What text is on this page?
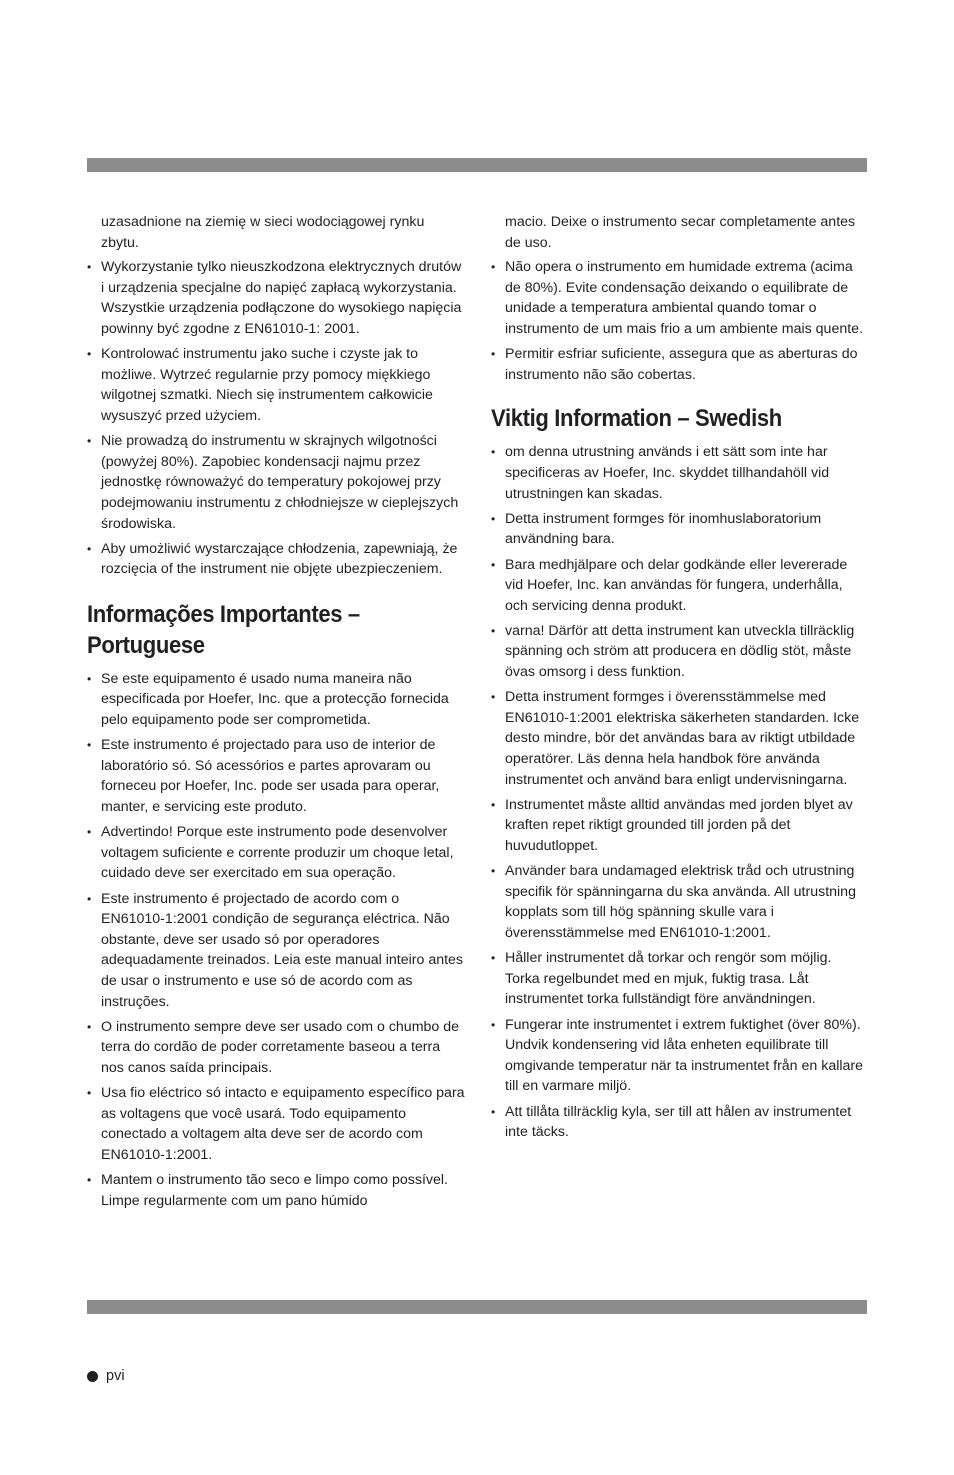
uzasadnione na ziemię w sieci wodociągowej rynku zbytu.

• Wykorzystanie tylko nieuszkodzona elektrycznych drutów i urządzenia specjalne do napięć zapłacą wykorzystania. Wszystkie urządzenia podłączone do wysokiego napięcia powinny być zgodne z EN61010-1: 2001.
• Kontrolować instrumentu jako suche i czyste jak to możliwe. Wytrzeć regularnie przy pomocy miękkiego wilgotnej szmatki. Niech się instrumentem całkowicie wysuszyć przed użyciem.
• Nie prowadzą do instrumentu w skrajnych wilgotności (powyżej 80%). Zapobiec kondensacji najmu przez jednostkę równoważyć do temperatury pokojowej przy podejmowaniu instrumentu z chłodniejsze w cieplejszych środowiska.
• Aby umożliwić wystarczające chłodzenia, zapewniają, że rozcięcia of the instrument nie objęte ubezpieczeniem.
Informações Importantes –
Portuguese
• Se este equipamento é usado numa maneira não especificada por Hoefer, Inc. que a protecção fornecida pelo equipamento pode ser comprometida.
• Este instrumento é projectado para uso de interior de laboratório só. Só acessórios e partes aprovaram ou forneceu por Hoefer, Inc. pode ser usada para operar, manter, e servicing este produto.
• Advertindo! Porque este instrumento pode desenvolver voltagem suficiente e corrente produzir um choque letal, cuidado deve ser exercitado em sua operação.
• Este instrumento é projectado de acordo com o EN61010-1:2001 condição de segurança eléctrica. Não obstante, deve ser usado só por operadores adequadamente treinados. Leia este manual inteiro antes de usar o instrumento e use só de acordo com as instruções.
• O instrumento sempre deve ser usado com o chumbo de terra do cordão de poder corretamente baseou a terra nos canos saída principais.
• Usa fio eléctrico só intacto e equipamento específico para as voltagens que você usará. Todo equipamento conectado a voltagem alta deve ser de acordo com EN61010-1:2001.
• Mantem o instrumento tão seco e limpo como possível. Limpe regularmente com um pano húmido

macio. Deixe o instrumento secar completamente antes de uso.

• Não opera o instrumento em humidade extrema (acima de 80%). Evite condensação deixando o equilibrate de unidade a temperatura ambiental quando tomar o instrumento de um mais frio a um ambiente mais quente.
• Permitir esfriar suficiente, assegura que as aberturas do instrumento não são cobertas.
Viktig Information – Swedish
• om denna utrustning används i ett sätt som inte har specificeras av Hoefer, Inc. skyddet tillhandahöll vid utrustningen kan skadas.
• Detta instrument formges för inomhuslaboratorium användning bara.
• Bara medhjälpare och delar godkände eller levererade vid Hoefer, Inc. kan användas för fungera, underhålla, och servicing denna produkt.
• varna! Därför att detta instrument kan utveckla tillräcklig spänning och ström att producera en dödlig stöt, måste övas omsorg i dess funktion.
• Detta instrument formges i överensstämmelse med EN61010-1:2001 elektriska säkerheten standarden. Icke desto mindre, bör det användas bara av riktigt utbildade operatörer. Läs denna hela handbok före använda instrumentet och använd bara enligt undervisningarna.
• Instrumentet måste alltid användas med jorden blyet av kraften repet riktigt grounded till jorden på det huvudutloppet.
• Använder bara undamaged elektrisk tråd och utrustning specifik för spänningarna du ska använda. All utrustning kopplats som till hög spänning skulle vara i överensstämmelse med EN61010-1:2001.
• Håller instrumentet då torkar och rengör som möjlig. Torka regelbundet med en mjuk, fuktig trasa. Låt instrumentet torka fullständigt före användningen.
• Fungerar inte instrumentet i extrem fuktighet (över 80%). Undvik kondensering vid låta enheten equilibrate till omgivande temperatur när ta instrumentet från en kallare till en varmare miljö.
• Att tillåta tillräcklig kyla, ser till att hålen av instrumentet inte täcks.
pvi
